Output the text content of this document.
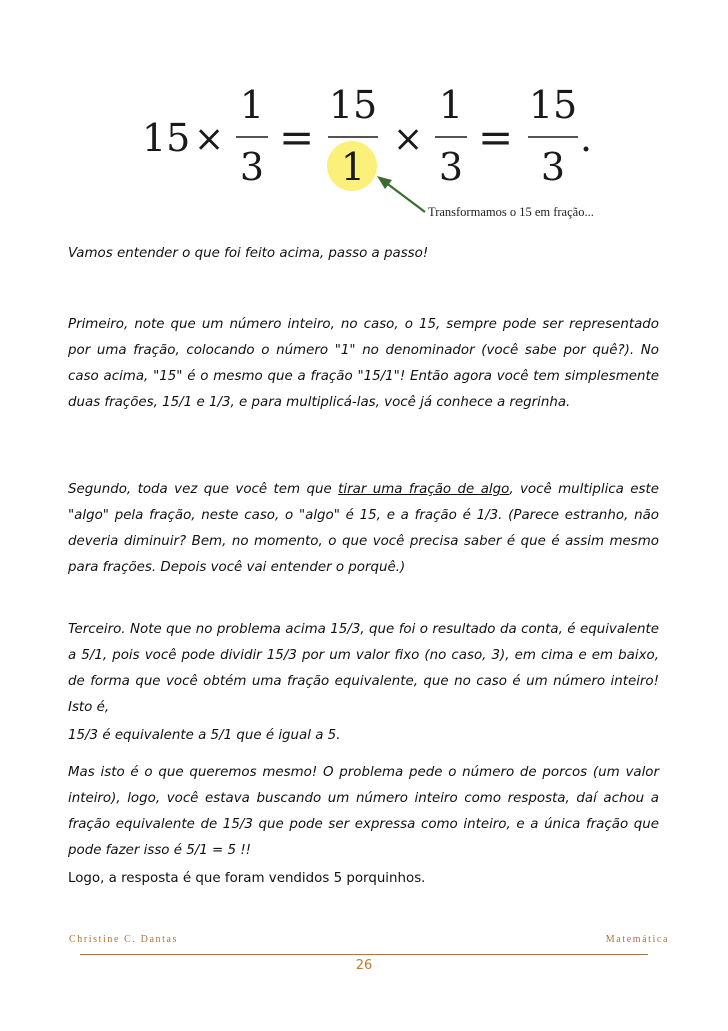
15 ×
1
3
=
15
1
×
1
3
=
15
3
.
Transformamos o 15 em fração...

Vamos entender o que foi feito acima, passo a passo!

Primeiro, note que um número inteiro, no caso, o 15, sempre pode ser representado por uma fração, colocando o número "1" no denominador (você sabe por quê?). No caso acima, "15" é o mesmo que a fração "15/1"! Então agora você tem simplesmente duas frações, 15/1 e 1/3, e para multiplicá-las, você já conhece a regrinha.

Segundo, toda vez que você tem que tirar uma fração de algo, você multiplica este "algo" pela fração, neste caso, o "algo" é 15, e a fração é 1/3. (Parece estranho, não deveria diminuir? Bem, no momento, o que você precisa saber é que é assim mesmo para frações. Depois você vai entender o porquê.)

Terceiro. Note que no problema acima 15/3, que foi o resultado da conta, é equivalente a 5/1, pois você pode dividir 15/3 por um valor fixo (no caso, 3), em cima e em baixo, de forma que você obtém uma fração equivalente, que no caso é um número inteiro! Isto é,

15/3 é equivalente a 5/1 que é igual a 5.

Mas isto é o que queremos mesmo! O problema pede o número de porcos (um valor inteiro), logo, você estava buscando um número inteiro como resposta, daí achou a fração equivalente de 15/3 que pode ser expressa como inteiro, e a única fração que pode fazer isso é 5/1 = 5 !!

Logo, a resposta é que foram vendidos 5 porquinhos.

Christine C. Dantas	Matemática
26
